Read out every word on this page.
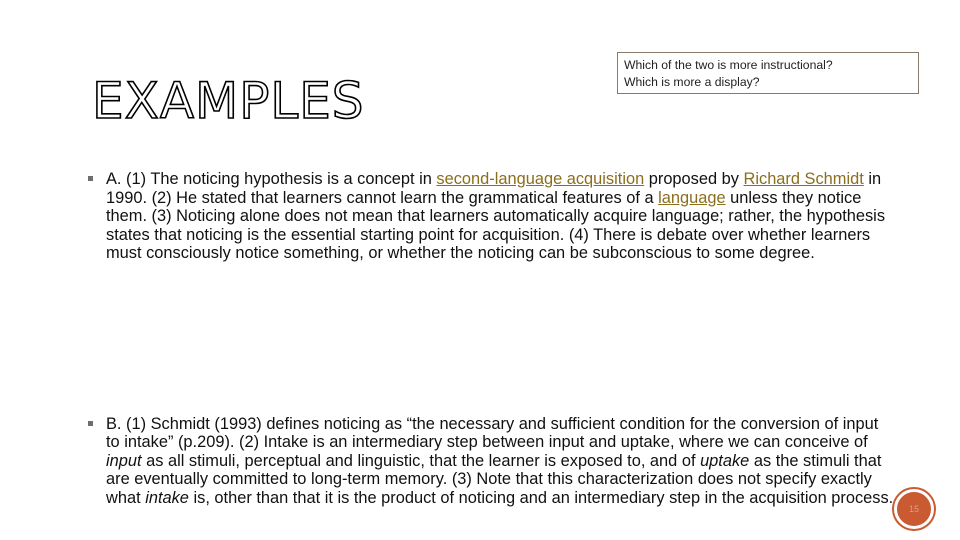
EXAMPLES
Which of the two is more instructional?
Which is more a display?

A. (1) The noticing hypothesis is a concept in second-language acquisition proposed by Richard Schmidt in 1990. (2) He stated that learners cannot learn the grammatical features of a language unless they notice them. (3) Noticing alone does not mean that learners automatically acquire language; rather, the hypothesis states that noticing is the essential starting point for acquisition. (4) There is debate over whether learners must consciously notice something, or whether the noticing can be subconscious to some degree.

B. (1) Schmidt (1993) defines noticing as “the necessary and sufficient condition for the conversion of input to intake” (p.209). (2) Intake is an intermediary step between input and uptake, where we can conceive of input as all stimuli, perceptual and linguistic, that the learner is exposed to, and of uptake as the stimuli that are eventually committed to long-term memory. (3) Note that this characterization does not specify exactly what intake is, other than that it is the product of noticing and an intermediary step in the acquisition process.

15
